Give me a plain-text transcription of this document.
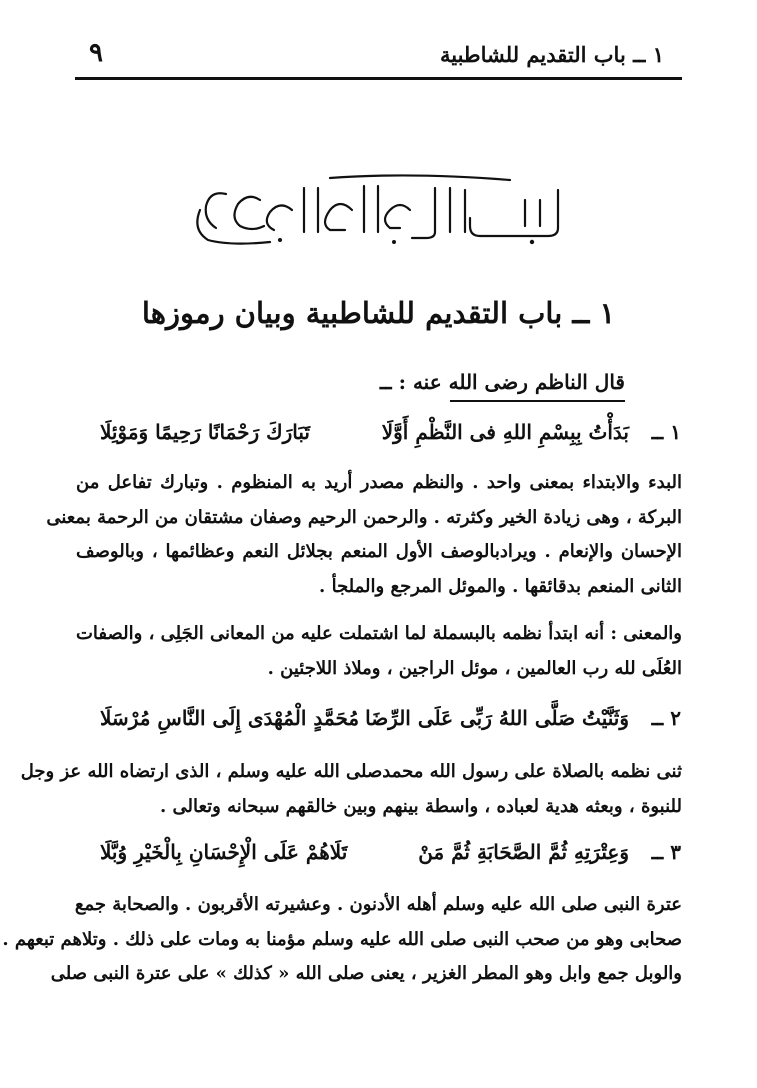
١ ــ باب التقديم للشاطبية
٩
١ ــ باب التقديم للشاطبية وبيان رموزها
قال الناظم رضى الله عنه : ــ
١ ــ
بَدَأْتُ بِبِسْمِ اللهِ فى النَّظْمِ أَوَّلَا
تَبَارَكَ رَحْمَانًا رَحِيمًا وَمَوْئِلَا
البدء والابتداء بمعنى واحد . والنظم مصدر أريد به المنظوم . وتبارك تفاعل من
البركة ، وهى زيادة الخير وكثرته . والرحمن الرحيم وصفان مشتقان من الرحمة بمعنى
الإحسان والإنعام . ويرادبالوصف الأول المنعم بجلائل النعم وعظائمها ، وبالوصف
الثانى المنعم بدقائقها . والموئل المرجع والملجأ .
والمعنى : أنه ابتدأ نظمه بالبسملة لما اشتملت عليه من المعانى الجَلِى ، والصفات
العُلَى لله رب العالمين ، موئل الراجين ، وملاذ اللاجئين .
٢ ــ
وَثَنَّيْتُ صَلَّى اللهُ رَبِّى عَلَى الرِّضَا
مُحَمَّدٍ الْمُهْدَى إِلَى النَّاسِ مُرْسَلَا
ثنى نظمه بالصلاة على رسول الله محمدصلى الله عليه وسلم ، الذى ارتضاه الله عز وجل
للنبوة ، وبعثه هدية لعباده ، واسطة بينهم وبين خالقهم سبحانه وتعالى .
٣ ــ
وَعِتْرَتِهِ ثُمَّ الصَّحَابَةِ ثُمَّ مَنْ
تَلَاهُمْ عَلَى الْإِحْسَانِ بِالْخَيْرِ وُبَّلَا
عترة النبى صلى الله عليه وسلم أهله الأدنون . وعشيرته الأقربون . والصحابة جمع
صحابى وهو من صحب النبى صلى الله عليه وسلم مؤمنا به ومات على ذلك . وتلاهم تبعهم .
والوبل جمع وابل وهو المطر الغزير ، يعنى صلى الله « كذلك » على عترة النبى صلى
